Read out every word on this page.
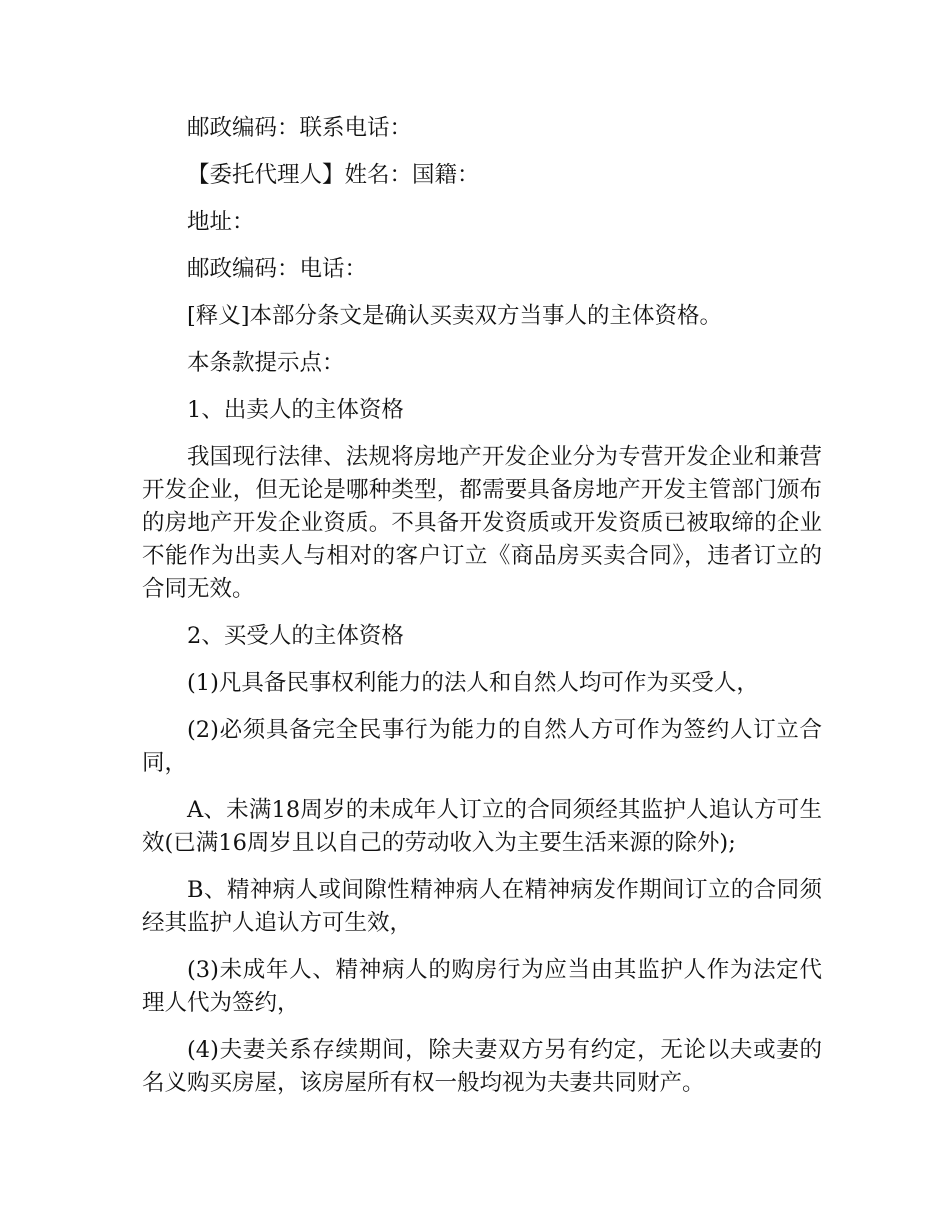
邮政编码：联系电话：

【委托代理人】姓名：国籍：

地址：

邮政编码：电话：

[释义]本部分条文是确认买卖双方当事人的主体资格。

本条款提示点：

1、出卖人的主体资格

我国现行法律、法规将房地产开发企业分为专营开发企业和兼营开发企业，但无论是哪种类型，都需要具备房地产开发主管部门颁布的房地产开发企业资质。不具备开发资质或开发资质已被取缔的企业不能作为出卖人与相对的客户订立《商品房买卖合同》，违者订立的合同无效。

2、买受人的主体资格

(1)凡具备民事权利能力的法人和自然人均可作为买受人，

(2)必须具备完全民事行为能力的自然人方可作为签约人订立合同，

A、未满18周岁的未成年人订立的合同须经其监护人追认方可生效(已满16周岁且以自己的劳动收入为主要生活来源的除外);

B、精神病人或间隙性精神病人在精神病发作期间订立的合同须经其监护人追认方可生效，

(3)未成年人、精神病人的购房行为应当由其监护人作为法定代理人代为签约，

(4)夫妻关系存续期间，除夫妻双方另有约定，无论以夫或妻的名义购买房屋，该房屋所有权一般均视为夫妻共同财产。
